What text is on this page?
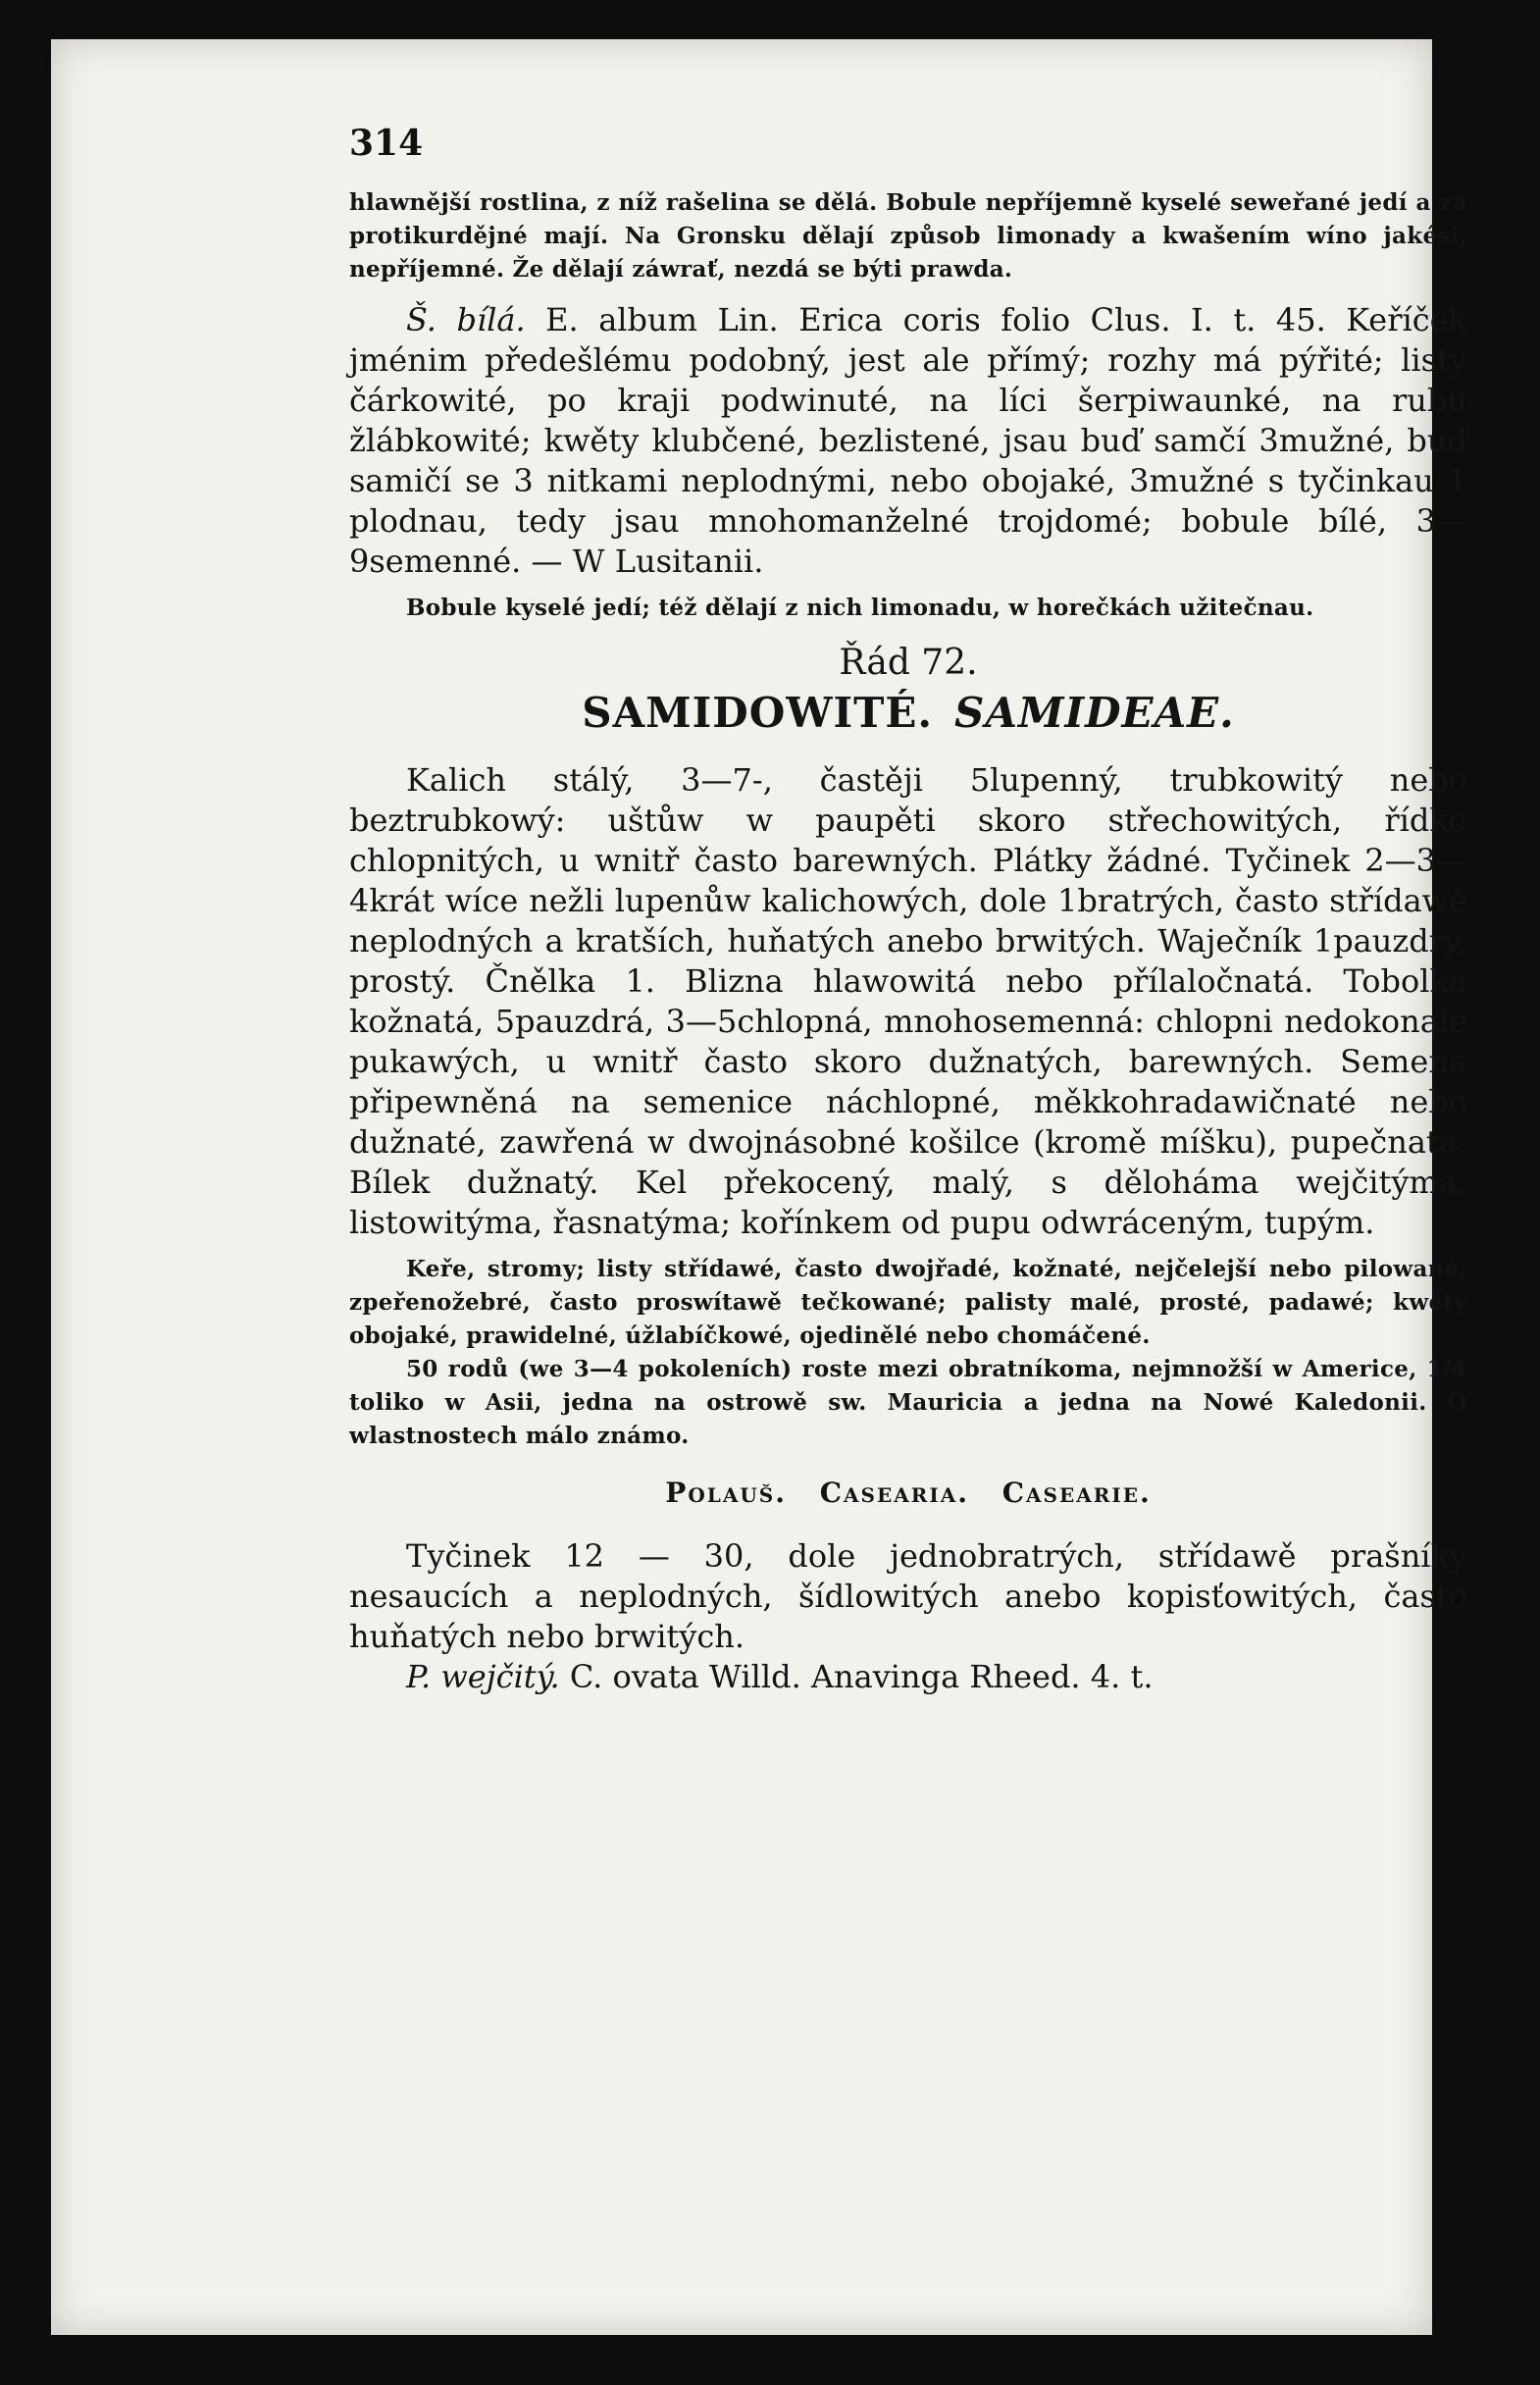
314

hlawnější rostlina, z níž rašelina se dělá. Bobule nepříjemně kyselé seweřané jedí a za protikurdějné mají. Na Gronsku dělají způsob limonady a kwašením wíno jakési, nepříjemné. Že dělají záwrať, nezdá se býti prawda.

Š. bílá. E. album Lin. Erica coris folio Clus. I. t. 45. Keříček jménim předešlému podobný, jest ale přímý; rozhy má pýřité; listy čárkowité, po kraji podwinuté, na líci šerpiwaunké, na rubu žlábkowité; kwěty klubčené, bezlistené, jsau buď samčí 3mužné, buď samičí se 3 nitkami neplodnými, nebo obojaké, 3mužné s tyčinkau 1 plodnau, tedy jsau mnohomanželné trojdomé; bobule bílé, 3—9semenné. — W Lusitanii.

Bobule kyselé jedí; též dělají z nich limonadu, w horečkách užitečnau.

Řád 72.
SAMIDOWITÉ. SAMIDEAE.

Kalich stálý, 3—7-, častěji 5lupenný, trubkowitý nebo beztrubkowý: uštůw w paupěti skoro střechowitých, řídko chlopnitých, u wnitř často barewných. Plátky žádné. Tyčinek 2—3—4krát wíce nežli lupenůw kalichowých, dole 1bratrých, často střídawě neplodných a kratších, huňatých anebo brwitých. Waječník 1pauzdrý, prostý. Čnělka 1. Blizna hlawowitá nebo přílaločnatá. Tobolka kožnatá, 5pauzdrá, 3—5chlopná, mnohosemenná: chlopni nedokonale pukawých, u wnitř často skoro dužnatých, barewných. Semena připewněná na semenice náchlopné, měkkohradawičnaté nebo dužnaté, zawřená w dwojnásobné košilce (kromě míšku), pupečnatá. Bílek dužnatý. Kel překocený, malý, s děloháma wejčitýma, listowitýma, řasnatýma; kořínkem od pupu odwráceným, tupým.

Keře, stromy; listy střídawé, často dwojřadé, kožnaté, nejčelejší nebo pilowané, zpeřenožebré, často proswítawě tečkowané; palisty malé, prosté, padawé; kwěty obojaké, prawidelné, úžlabíčkowé, ojedinělé nebo chomáčené.

50 rodů (we 3—4 pokoleních) roste mezi obratníkoma, nejmnožší w Americe, 1/4 toliko w Asii, jedna na ostrowě sw. Mauricia a jedna na Nowé Kaledonii. O wlastnostech málo známo.

Polauš. Casearia. Casearie.

Tyčinek 12 — 30, dole jednobratrých, střídawě prašníky nesaucích a neplodných, šídlowitých anebo kopisťowitých, často huňatých nebo brwitých.

P. wejčitý. C. ovata Willd. Anavinga Rheed. 4. t.
